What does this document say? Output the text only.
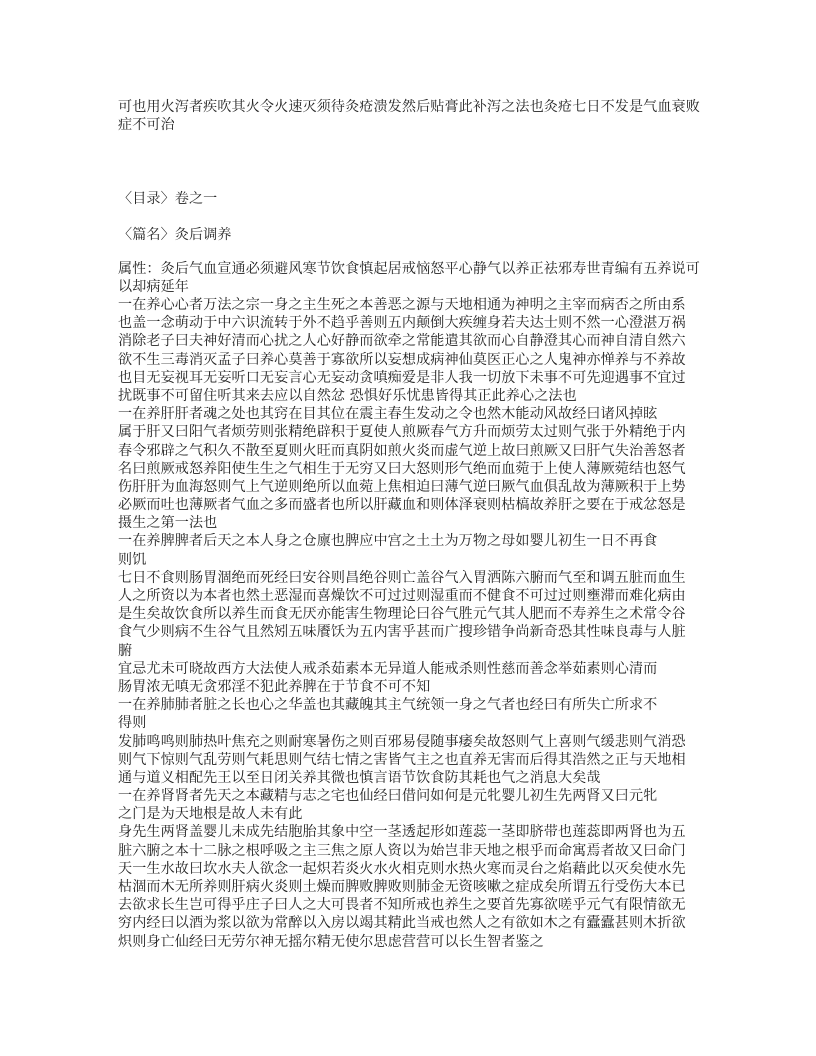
可也用火泻者疾吹其火令火速灭须待灸疮溃发然后贴膏此补泻之法也灸疮七日不发是气血衰败
症不可治
〈目录〉卷之一
〈篇名〉灸后调养
属性：灸后气血宣通必须避风寒节饮食慎起居戒恼怒平心静气以养正祛邪寿世青编有五养说可
以却病延年
一在养心心者万法之宗一身之主生死之本善恶之源与天地相通为神明之主宰而病否之所由系
也盖一念萌动于中六识流转于外不趋乎善则五内颠倒大疾缠身若夫达士则不然一心澄湛万祸
消除老子曰夫神好清而心扰之人心好静而欲牵之常能遣其欲而心自静澄其心而神自清自然六
欲不生三毒消灭孟子曰养心莫善于寡欲所以妄想成病神仙莫医正心之人鬼神亦惮养与不养故
也目无妄视耳无妄听口无妄言心无妄动贪嗔痴爱是非人我一切放下未事不可先迎遇事不宜过
扰既事不可留住听其来去应以自然忿 恐惧好乐忧患皆得其正此养心之法也
一在养肝肝者魂之处也其窍在目其位在震主春生发动之令也然木能动风故经曰诸风掉眩
属于肝又曰阳气者烦劳则张精绝辟积于夏使人煎厥春气方升而烦劳太过则气张于外精绝于内
春令邪辟之气积久不散至夏则火旺而真阴如煎火炎而虚气逆上故曰煎厥又曰肝气失治善怒者
名曰煎厥戒怒养阳使生生之气相生于无穷又曰大怒则形气绝而血菀于上使人薄厥菀结也怒气
伤肝肝为血海怒则气上气逆则绝所以血菀上焦相迫曰薄气逆曰厥气血俱乱故为薄厥积于上势
必厥而吐也薄厥者气血之多而盛者也所以肝藏血和则体泽衰则枯槁故养肝之要在于戒忿怒是
摄生之第一法也
一在养脾脾者后天之本人身之仓廪也脾应中宫之土土为万物之母如婴儿初生一日不再食
则饥
七日不食则肠胃涸绝而死经曰安谷则昌绝谷则亡盖谷气入胃洒陈六腑而气至和调五脏而血生
人之所资以为本者也然土恶湿而喜燥饮不可过过则湿重而不健食不可过过则壅滞而难化病由
是生矣故饮食所以养生而食无厌亦能害生物理论曰谷气胜元气其人肥而不寿养生之术常令谷
食气少则病不生谷气且然矧五味餍饫为五内害乎甚而广搜珍错争尚新奇恐其性味良毒与人脏
腑
宜忌尤未可晓故西方大法使人戒杀茹素本无异道人能戒杀则性慈而善念举茹素则心清而
肠胃浓无嗔无贪邪淫不犯此养脾在于节食不可不知
一在养肺肺者脏之长也心之华盖也其藏魄其主气统领一身之气者也经曰有所失亡所求不
得则
发肺鸣鸣则肺热叶焦充之则耐寒暑伤之则百邪易侵随事痿矣故怒则气上喜则气缓悲则气消恐
则气下惊则气乱劳则气耗思则气结七情之害皆气主之也直养无害而后得其浩然之正与天地相
通与道义相配先王以至日闭关养其微也慎言语节饮食防其耗也气之消息大矣哉
一在养肾肾者先天之本藏精与志之宅也仙经曰借问如何是元牝婴儿初生先两肾又曰元牝
之门是为天地根是故人未有此
身先生两肾盖婴儿未成先结胞胎其象中空一茎透起形如莲蕊一茎即脐带也莲蕊即两肾也为五
脏六腑之本十二脉之根呼吸之主三焦之原人资以为始岂非天地之根乎而命寓焉者故又曰命门
天一生水故曰坎水夫人欲念一起炽若炎火水火相克则水热火寒而灵台之焰藉此以灭矣使水先
枯涸而木无所养则肝病火炎则土燥而脾败脾败则肺金无资咳嗽之症成矣所谓五行受伤大本已
去欲求长生岂可得乎庄子曰人之大可畏者不知所戒也养生之要首先寡欲嗟乎元气有限情欲无
穷内经曰以酒为浆以欲为常醉以入房以竭其精此当戒也然人之有欲如木之有蠹蠹甚则木折欲
炽则身亡仙经曰无劳尔神无摇尔精无使尔思虑营营可以长生智者鉴之
